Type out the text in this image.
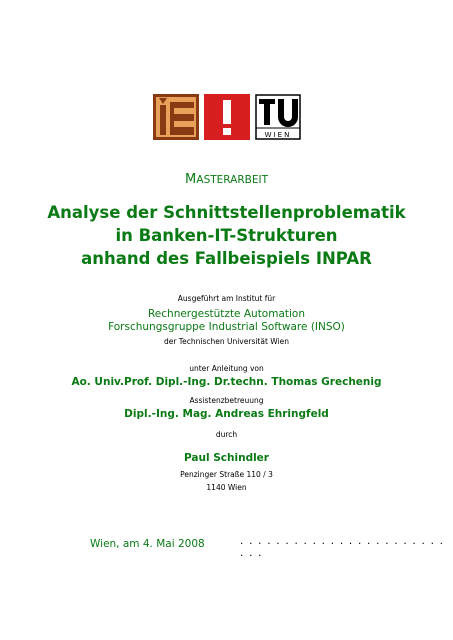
WIEN
MASTERARBEIT
Analyse der Schnittstellenproblematik
in Banken-IT-Strukturen
anhand des Fallbeispiels INPAR
Ausgeführt am Institut für
Rechnergestützte Automation
Forschungsgruppe Industrial Software (INSO)
der Technischen Universität Wien
unter Anleitung von
Ao. Univ.Prof. Dipl.-Ing. Dr.techn. Thomas Grechenig
Assistenzbetreuung
Dipl.-Ing. Mag. Andreas Ehringfeld
durch
Paul Schindler
Penzinger Straße 110 / 3
1140 Wien
Wien, am 4. Mai 2008	. . . . . . . . . . . . . . . . . . . . . . . . . .
